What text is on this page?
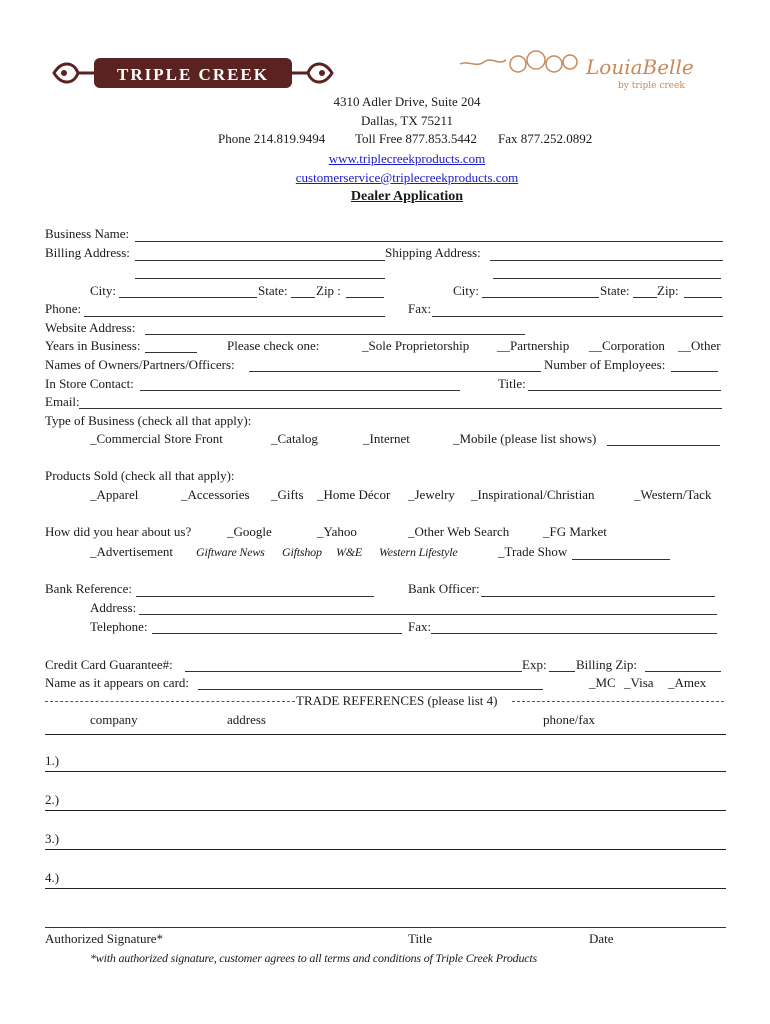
TRIPLE CREEK	LouiaBelle
by triple creek
4310 Adler Drive, Suite 204
Dallas, TX 75211
Phone 214.819.9494 Toll Free 877.853.5442 Fax 877.252.0892
www.triplecreekproducts.com
customerservice@triplecreekproducts.com
Dealer Application
Business Name:
Billing Address:	Shipping Address:
City:	State: Zip :	City:	State: Zip:
Phone:	Fax:
Website Address:
Years in Business:	Please check one:	_Sole Proprietorship __Partnership __Corporation __Other
Names of Owners/Partners/Officers:	Number of Employees:
In Store Contact:	Title:
Email:
Type of Business (check all that apply):
_Commercial Store Front	_Catalog	_Internet	_Mobile (please list shows)
Products Sold (check all that apply):
_Apparel	_Accessories _Gifts _Home Décor _Jewelry _Inspirational/Christian	_Western/Tack
How did you hear about us?	_Google	_Yahoo	_Other Web Search	_FG Market
_Advertisement Giftware News Giftshop W&E Western Lifestyle	_Trade Show
Bank Reference:	Bank Officer:
Address:
Telephone:	Fax:
Credit Card Guarantee#:	Exp: Billing Zip:
Name as it appears on card:	_MC _Visa _Amex
TRADE REFERENCES (please list 4)
company	address	phone/fax
1.)
2.)
3.)
4.)
Authorized Signature*	Title	Date
*with authorized signature, customer agrees to all terms and conditions of Triple Creek Products
